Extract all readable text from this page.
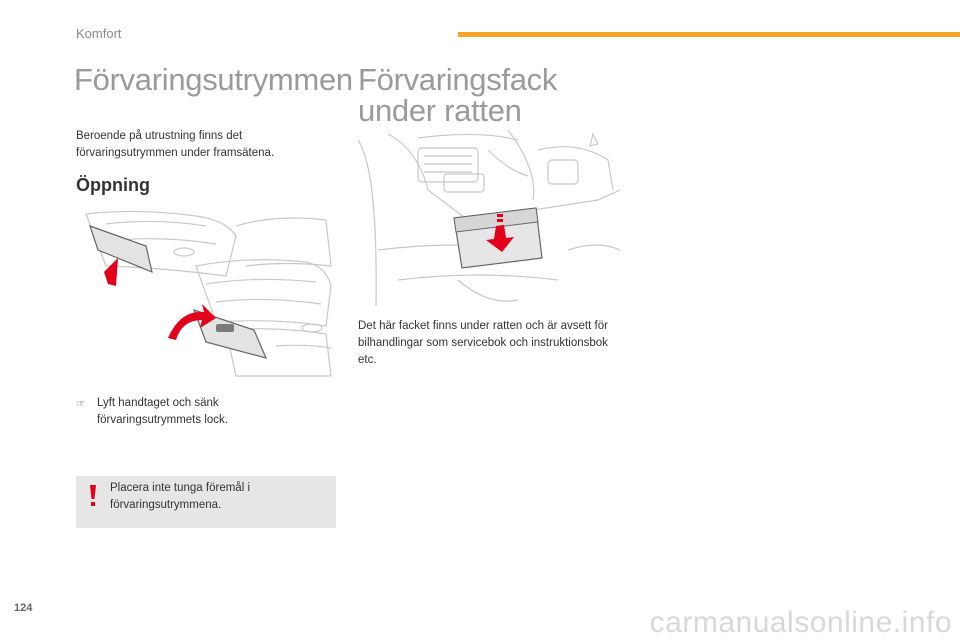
Komfort
Förvaringsutrymmen
Beroende på utrustning finns det förvaringsutrymmen under framsätena.
Öppning
☞ Lyft handtaget och sänk förvaringsutrymmets lock.
Placera inte tunga föremål i förvaringsutrymmena.
Förvaringsfack under ratten
Det här facket finns under ratten och är avsett för bilhandlingar som servicebok och instruktionsbok etc.
124	carmanualsonline.info
